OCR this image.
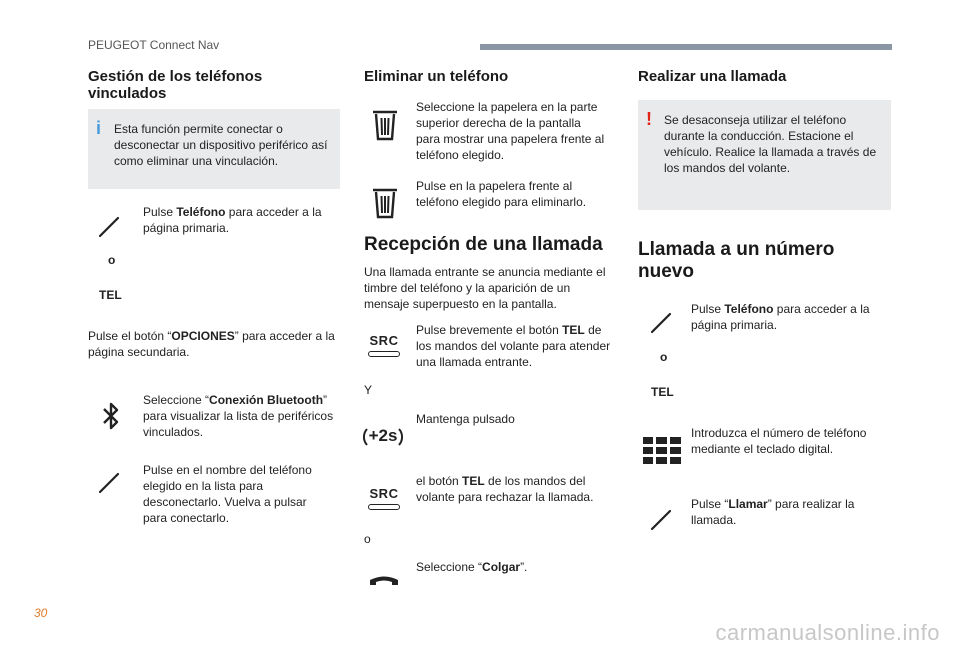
PEUGEOT Connect Nav
Gestión de los teléfonos vinculados
i Esta función permite conectar o desconectar un dispositivo periférico así como eliminar una vinculación.
Pulse Teléfono para acceder a la página primaria.
o
TEL
Pulse el botón “OPCIONES” para acceder a la página secundaria.
Seleccione “Conexión Bluetooth” para visualizar la lista de periféricos vinculados.
Pulse en el nombre del teléfono elegido en la lista para desconectarlo. Vuelva a pulsar para conectarlo.
Eliminar un teléfono
Seleccione la papelera en la parte superior derecha de la pantalla para mostrar una papelera frente al teléfono elegido.
Pulse en la papelera frente al teléfono elegido para eliminarlo.
Recepción de una llamada
Una llamada entrante se anuncia mediante el timbre del teléfono y la aparición de un mensaje superpuesto en la pantalla.
SRC
Pulse brevemente el botón TEL de los mandos del volante para atender una llamada entrante.
Y
+2s
Mantenga pulsado
SRC
el botón TEL de los mandos del volante para rechazar la llamada.
o
Seleccione “Colgar”.
Realizar una llamada
! Se desaconseja utilizar el teléfono durante la conducción. Estacione el vehículo. Realice la llamada a través de los mandos del volante.
Llamada a un número nuevo
Pulse Teléfono para acceder a la página primaria.
o
TEL
Introduzca el número de teléfono mediante el teclado digital.
Pulse “Llamar” para realizar la llamada.
30
carmanualsonline.info
